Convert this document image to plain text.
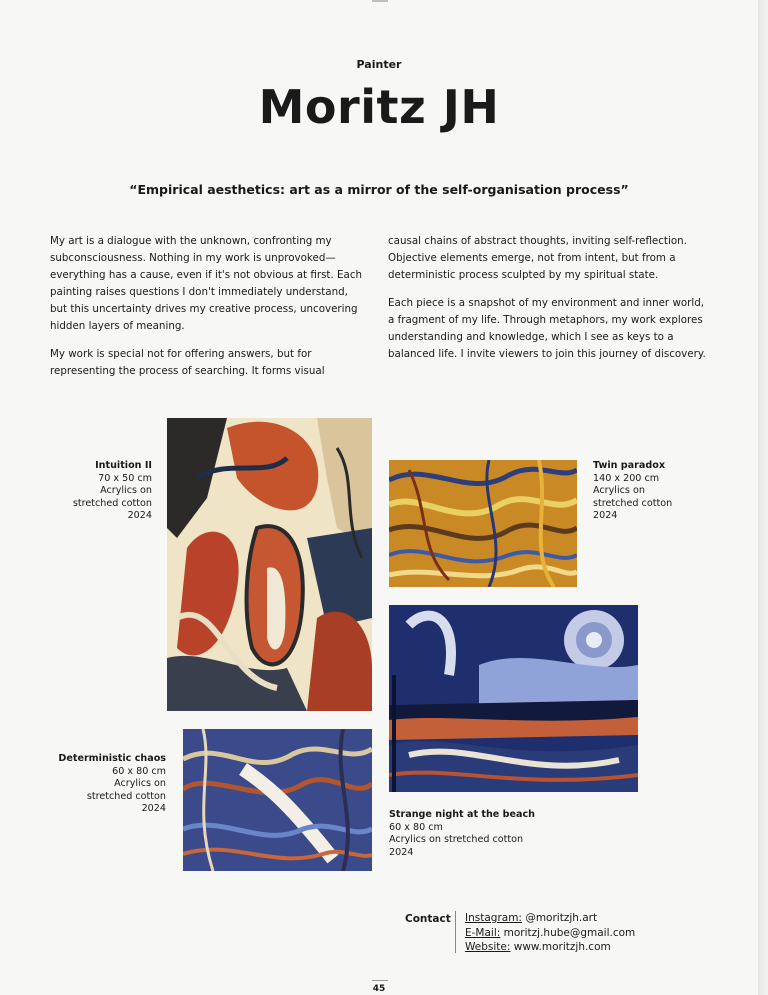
Painter
Moritz JH
“Empirical aesthetics: art as a mirror of the self-organisation process”

My art is a dialogue with the unknown, confronting my subconsciousness. Nothing in my work is unprovoked—everything has a cause, even if it's not obvious at first. Each painting raises questions I don't immediately understand, but this uncertainty drives my creative process, uncovering hidden layers of meaning.

My work is special not for offering answers, but for representing the process of searching. It forms visual

causal chains of abstract thoughts, inviting self-reflection. Objective elements emerge, not from intent, but from a deterministic process sculpted by my spiritual state.

Each piece is a snapshot of my environment and inner world, a fragment of my life. Through metaphors, my work explores understanding and knowledge, which I see as keys to a balanced life. I invite viewers to join this journey of discovery.

Intuition II
70 x 50 cm
Acrylics on
stretched cotton
2024
Twin paradox
140 x 200 cm
Acrylics on
stretched cotton
2024
Deterministic chaos
60 x 80 cm
Acrylics on
stretched cotton
2024
Strange night at the beach
60 x 80 cm
Acrylics on stretched cotton
2024
Contact Instagram: @moritzjh.art
E-Mail: moritzj.hube@gmail.com
Website: www.moritzjh.com
45
